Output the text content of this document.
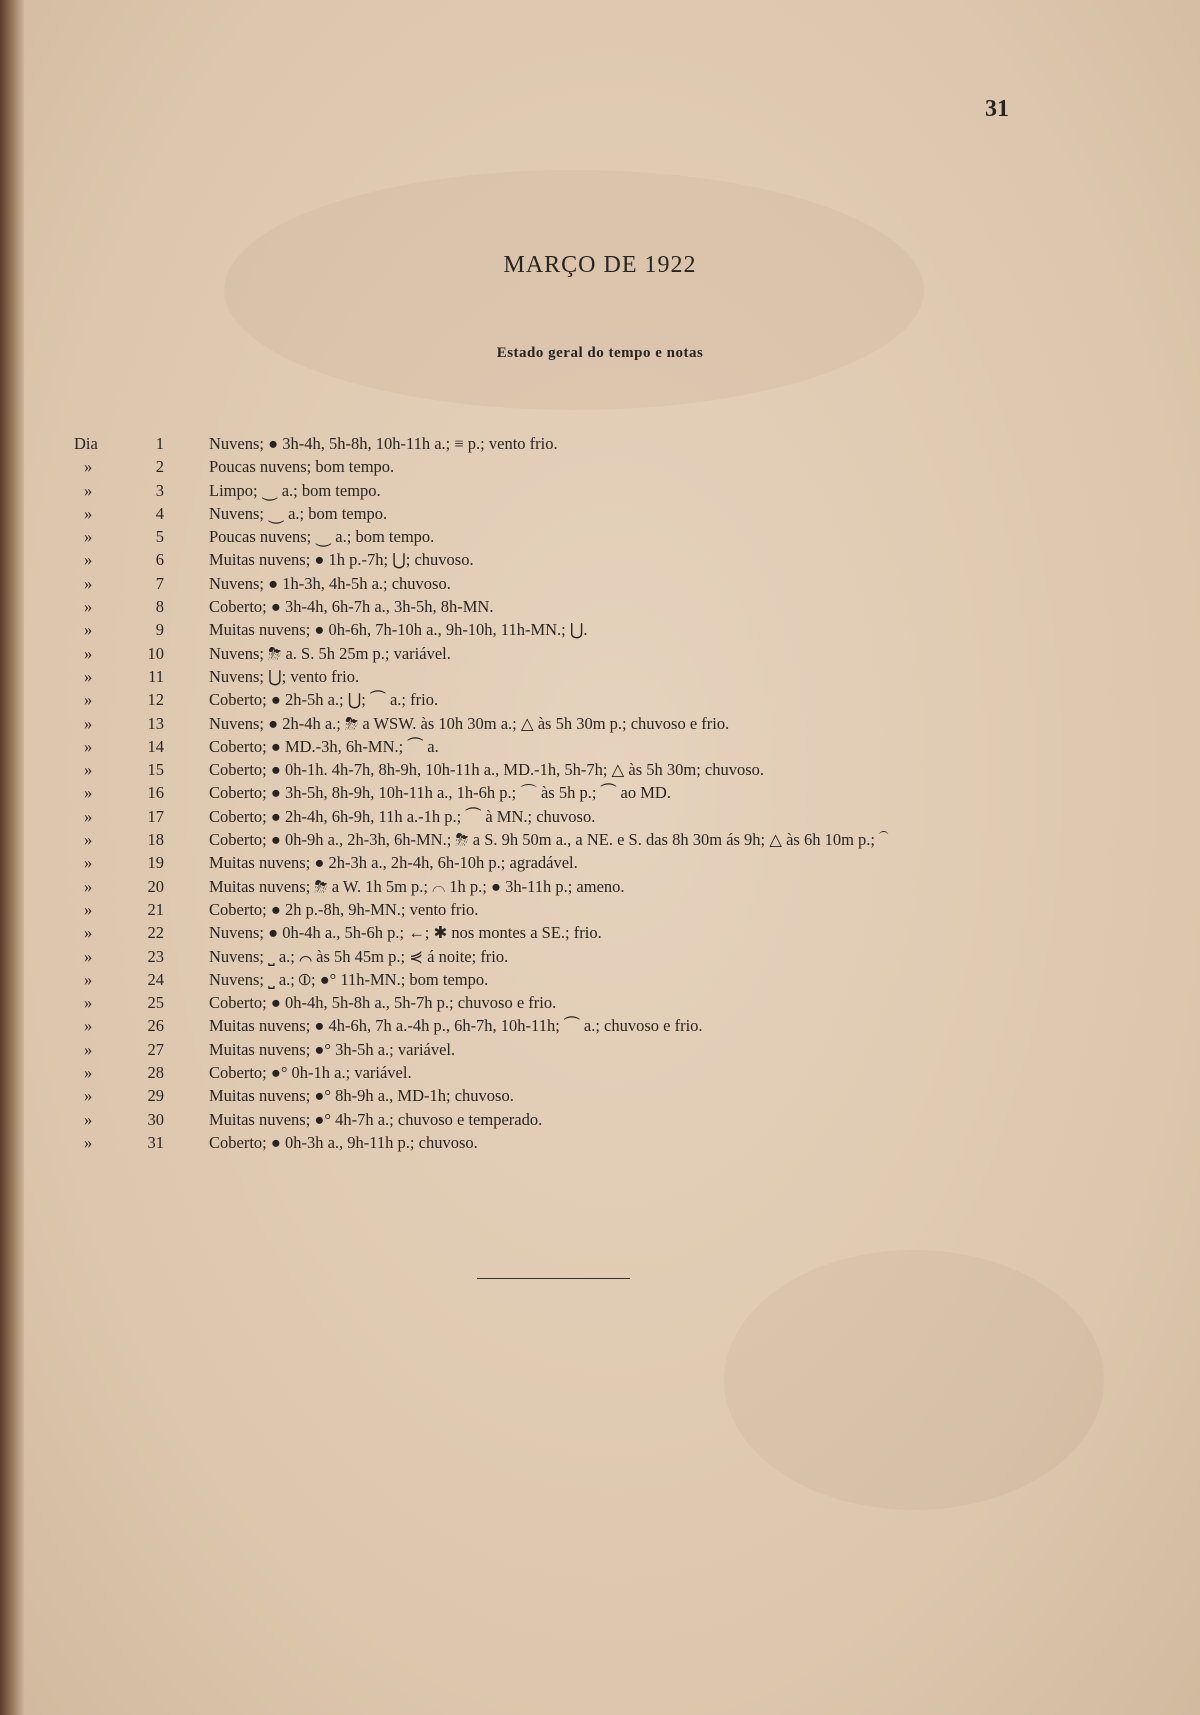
31
MARÇO DE 1922
Estado geral do tempo e notas
Dia	1	Nuvens; ● 3h-4h, 5h-8h, 10h-11h a.; ≡ p.; vento frio.
»	2	Poucas nuvens; bom tempo.
»	3	Limpo; ⏝ a.; bom tempo.
»	4	Nuvens; ⏝ a.; bom tempo.
»	5	Poucas nuvens; ⏝ a.; bom tempo.
»	6	Muitas nuvens; ● 1h p.-7h; ⋃; chuvoso.
»	7	Nuvens; ● 1h-3h, 4h-5h a.; chuvoso.
»	8	Coberto; ● 3h-4h, 6h-7h a., 3h-5h, 8h-MN.
»	9	Muitas nuvens; ● 0h-6h, 7h-10h a., 9h-10h, 11h-MN.; ⋃.
»	10	Nuvens; ⛈ a. S. 5h 25m p.; variável.
»	11	Nuvens; ⋃; vento frio.
»	12	Coberto; ● 2h-5h a.; ⋃; ⏜ a.; frio.
»	13	Nuvens; ● 2h-4h a.; ⛈ a WSW. às 10h 30m a.; △ às 5h 30m p.; chuvoso e frio.
»	14	Coberto; ● MD.-3h, 6h-MN.; ⏜ a.
»	15	Coberto; ● 0h-1h. 4h-7h, 8h-9h, 10h-11h a., MD.-1h, 5h-7h; △ às 5h 30m; chuvoso.
»	16	Coberto; ● 3h-5h, 8h-9h, 10h-11h a., 1h-6h p.; ⌒ às 5h p.; ⏜ ao MD.
»	17	Coberto; ● 2h-4h, 6h-9h, 11h a.-1h p.; ⏜ à MN.; chuvoso.
»	18	Coberto; ● 0h-9h a., 2h-3h, 6h-MN.; ⛈ a S. 9h 50m a., a NE. e S. das 8h 30m ás 9h; △ às 6h 10m p.; ⏜
»	19	Muitas nuvens; ● 2h-3h a., 2h-4h, 6h-10h p.; agradável.
»	20	Muitas nuvens; ⛈ a W. 1h 5m p.; ⌒ 1h p.; ● 3h-11h p.; ameno.
»	21	Coberto; ● 2h p.-8h, 9h-MN.; vento frio.
»	22	Nuvens; ● 0h-4h a., 5h-6h p.; ←; ✱ nos montes a SE.; frio.
»	23	Nuvens; ⎵ a.; ⌒ às 5h 45m p.; ⋞ á noite; frio.
»	24	Nuvens; ⎵ a.; ⦶; ●° 11h-MN.; bom tempo.
»	25	Coberto; ● 0h-4h, 5h-8h a., 5h-7h p.; chuvoso e frio.
»	26	Muitas nuvens; ● 4h-6h, 7h a.-4h p., 6h-7h, 10h-11h; ⏜ a.; chuvoso e frio.
»	27	Muitas nuvens; ●° 3h-5h a.; variável.
»	28	Coberto; ●° 0h-1h a.; variável.
»	29	Muitas nuvens; ●° 8h-9h a., MD-1h; chuvoso.
»	30	Muitas nuvens; ●° 4h-7h a.; chuvoso e temperado.
»	31	Coberto; ● 0h-3h a., 9h-11h p.; chuvoso.
